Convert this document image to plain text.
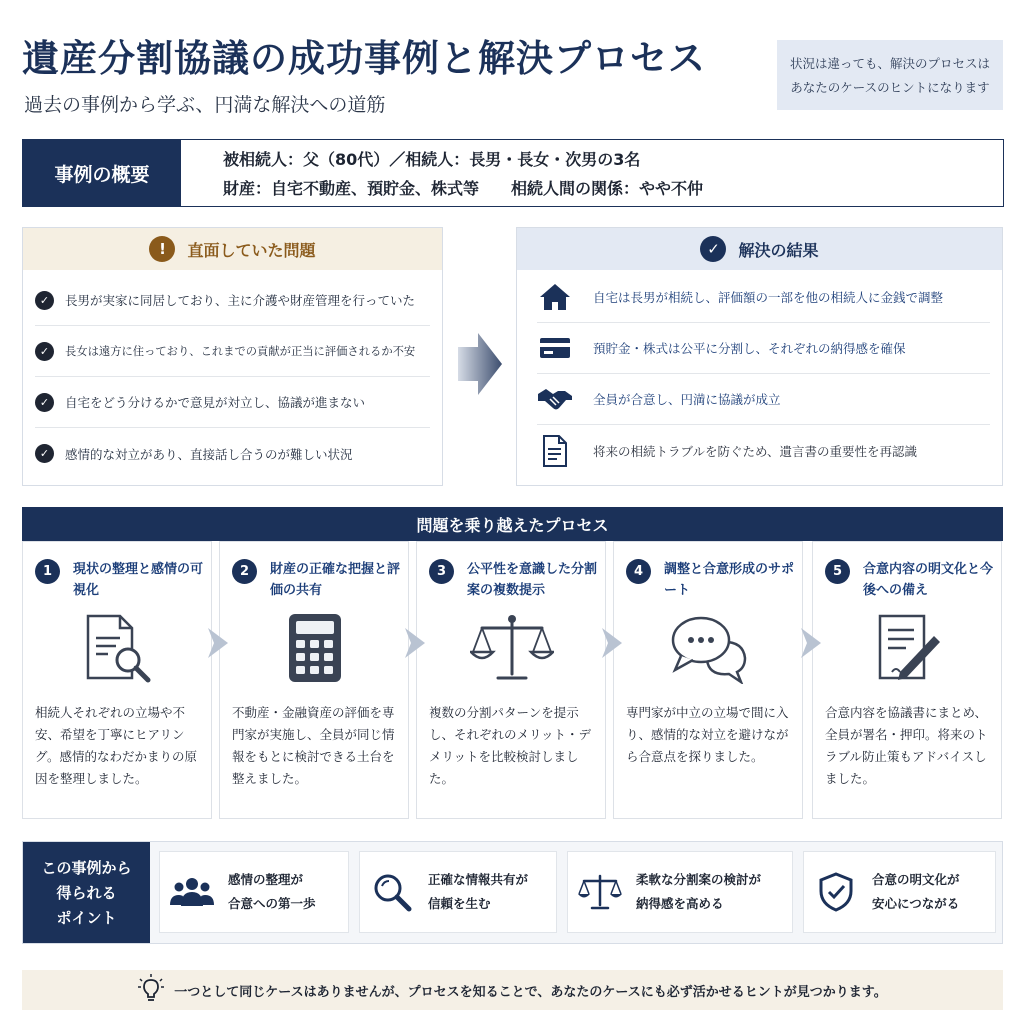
遺産分割協議の成功事例と解決プロセス
過去の事例から学ぶ、円満な解決への道筋
状況は違っても、解決のプロセスは
あなたのケースのヒントになります
事例の概要
被相続人：父（80代）／相続人：長男・長女・次男の3名
財産：自宅不動産、預貯金、株式等　　相続人間の関係：やや不仲
!	直面していた問題
✓	長男が実家に同居しており、主に介護や財産管理を行っていた
✓	長女は遠方に住っており、これまでの貢献が正当に評価されるか不安
✓	自宅をどう分けるかで意見が対立し、協議が進まない
✓	感情的な対立があり、直接話し合うのが難しい状況
✓	解決の結果
自宅は長男が相続し、評価額の一部を他の相続人に金銭で調整
預貯金・株式は公平に分割し、それぞれの納得感を確保
全員が合意し、円満に協議が成立
将来の相続トラブルを防ぐため、遺言書の重要性を再認識
問題を乗り越えたプロセス
1	現状の整理と感情の可視化
相続人それぞれの立場や不安、希望を丁寧にヒアリング。感情的なわだかまりの原因を整理しました。
2	財産の正確な把握と評価の共有
不動産・金融資産の評価を専門家が実施し、全員が同じ情報をもとに検討できる土台を整えました。
3	公平性を意識した分割案の複数提示
複数の分割パターンを提示し、それぞれのメリット・デメリットを比較検討しました。
4	調整と合意形成のサポート
専門家が中立の立場で間に入り、感情的な対立を避けながら合意点を探りました。
5	合意内容の明文化と今後への備え
合意内容を協議書にまとめ、全員が署名・押印。将来のトラブル防止策もアドバイスしました。
この事例から
得られる
ポイント
感情の整理が
合意への第一歩
正確な情報共有が
信頼を生む
柔軟な分割案の検討が
納得感を高める
合意の明文化が
安心につながる
一つとして同じケースはありませんが、プロセスを知ることで、あなたのケースにも必ず活かせるヒントが見つかります。
